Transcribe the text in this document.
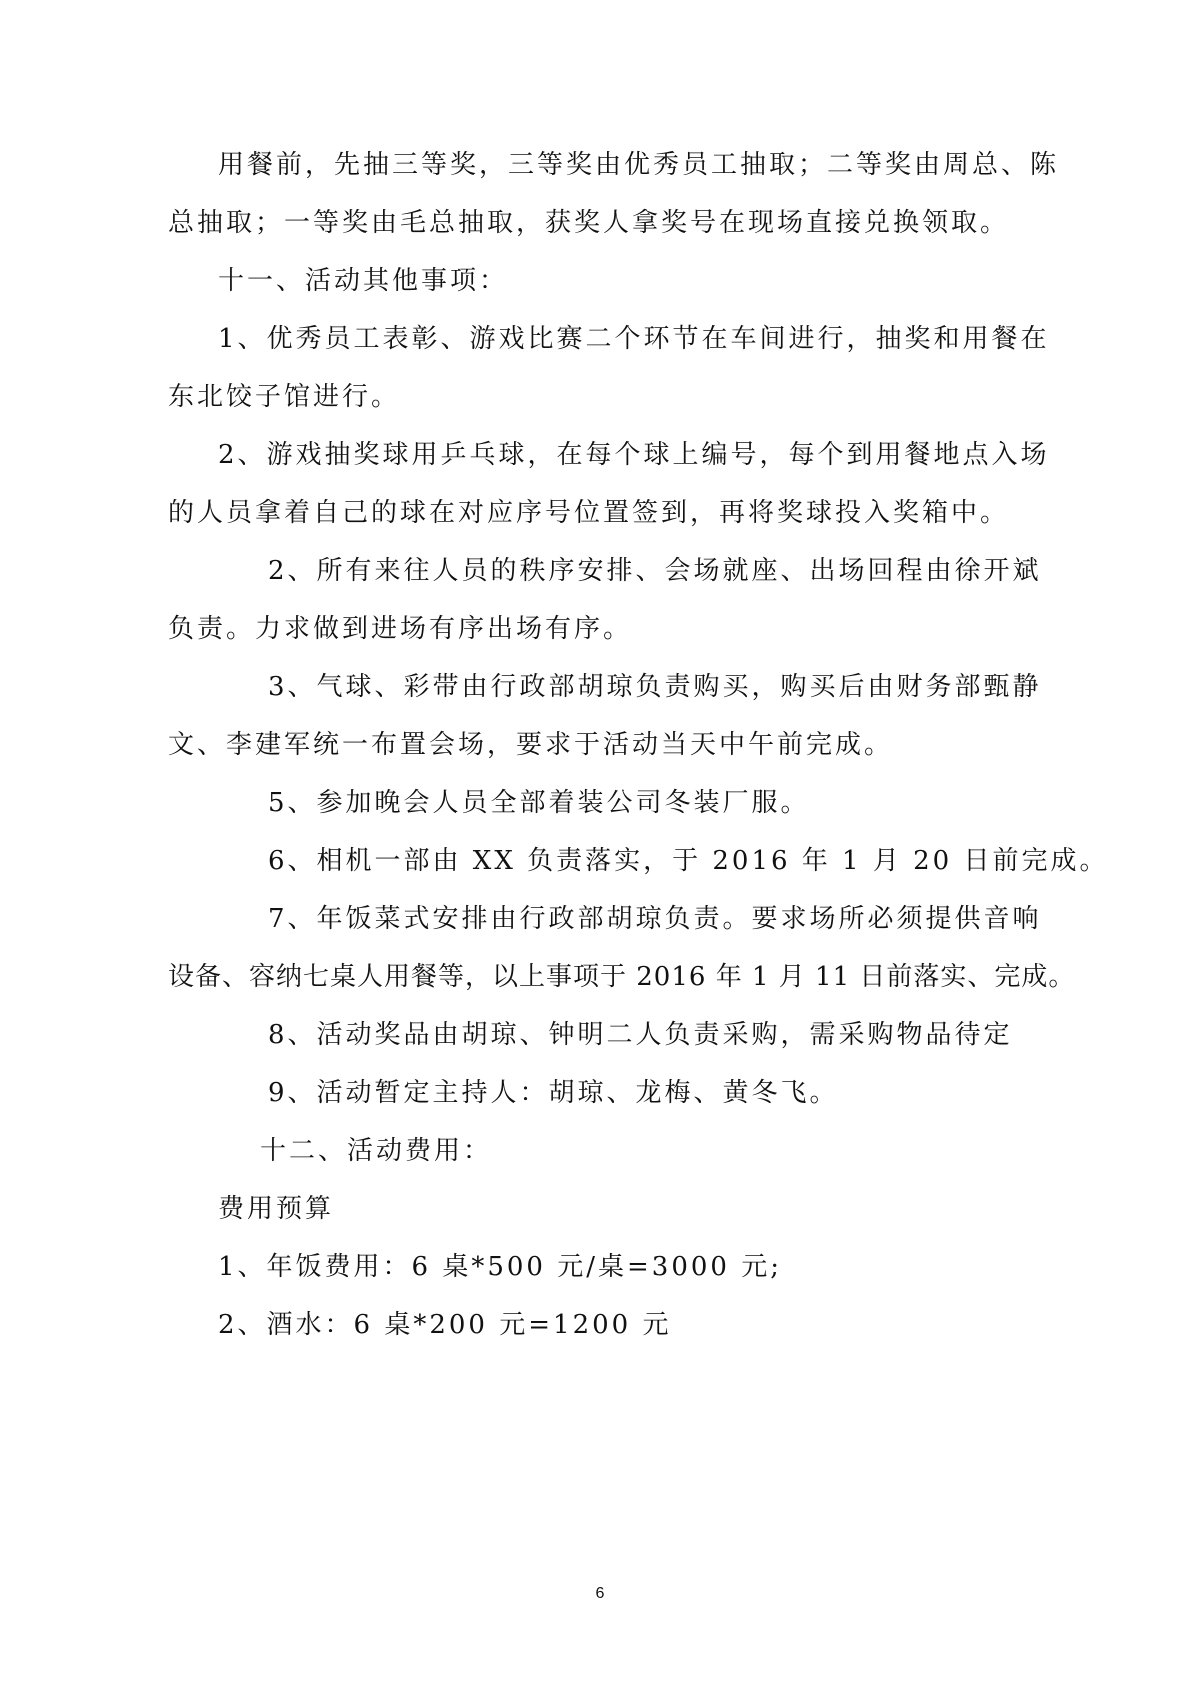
用餐前，先抽三等奖，三等奖由优秀员工抽取；二等奖由周总、陈

总抽取；一等奖由毛总抽取，获奖人拿奖号在现场直接兑换领取。

十一、活动其他事项：

1、优秀员工表彰、游戏比赛二个环节在车间进行，抽奖和用餐在

东北饺子馆进行。

2、游戏抽奖球用乒乓球，在每个球上编号，每个到用餐地点入场

的人员拿着自己的球在对应序号位置签到，再将奖球投入奖箱中。

2、所有来往人员的秩序安排、会场就座、出场回程由徐开斌

负责。力求做到进场有序出场有序。

3、气球、彩带由行政部胡琼负责购买，购买后由财务部甄静

文、李建军统一布置会场，要求于活动当天中午前完成。

5、参加晚会人员全部着装公司冬装厂服。

6、相机一部由 XX 负责落实，于 2016 年 1 月 20 日前完成。

7、年饭菜式安排由行政部胡琼负责。要求场所必须提供音响

设备、容纳七桌人用餐等，以上事项于 2016 年 1 月 11 日前落实、完成。

8、活动奖品由胡琼、钟明二人负责采购，需采购物品待定

9、活动暂定主持人：胡琼、龙梅、黄冬飞。

十二、活动费用：

费用预算

1、年饭费用：6 桌*500 元/桌=3000 元;

2、酒水：6 桌*200 元=1200 元

6
